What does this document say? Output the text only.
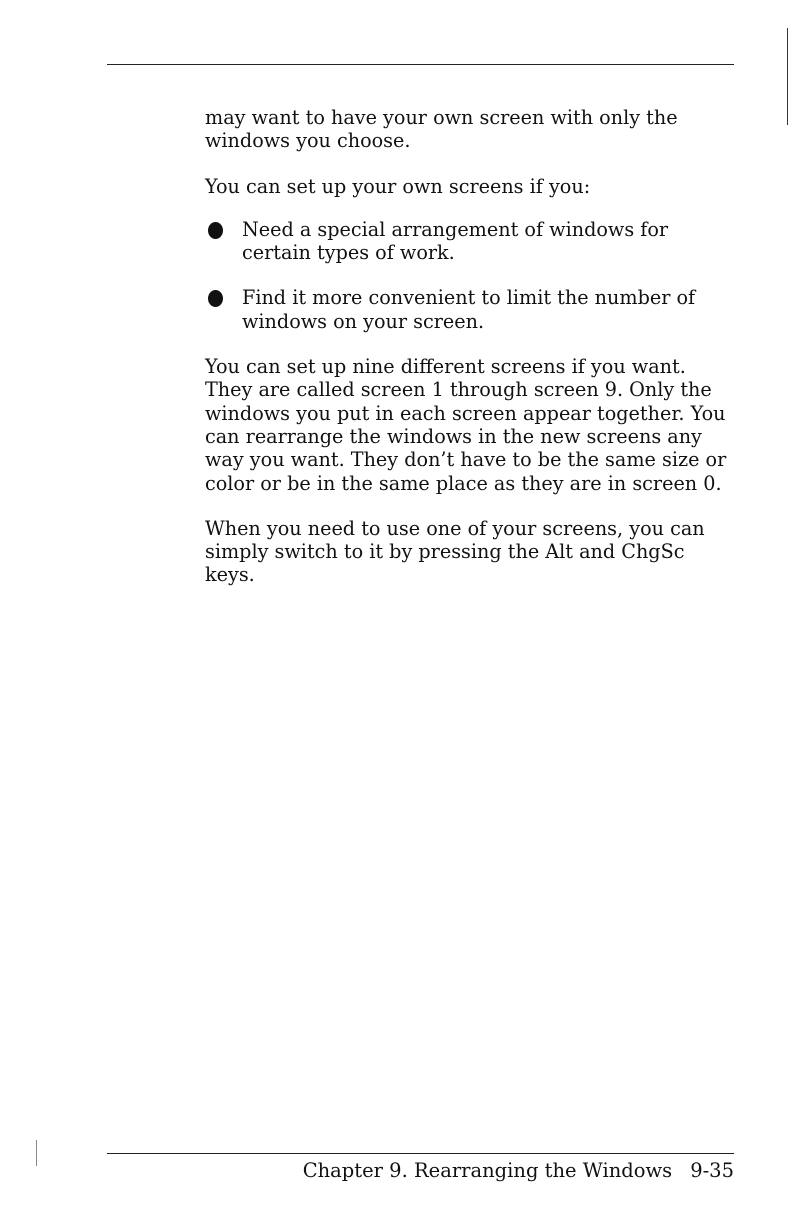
may want to have your own screen with only the windows you choose.

You can set up your own screens if you:

Need a special arrangement of windows for certain types of work.
Find it more convenient to limit the number of windows on your screen.

You can set up nine different screens if you want. They are called screen 1 through screen 9. Only the windows you put in each screen appear together. You can rearrange the windows in the new screens any way you want. They don’t have to be the same size or color or be in the same place as they are in screen 0.

When you need to use one of your screens, you can simply switch to it by pressing the Alt and ChgSc keys.

Chapter 9. Rearranging the Windows 9-35
